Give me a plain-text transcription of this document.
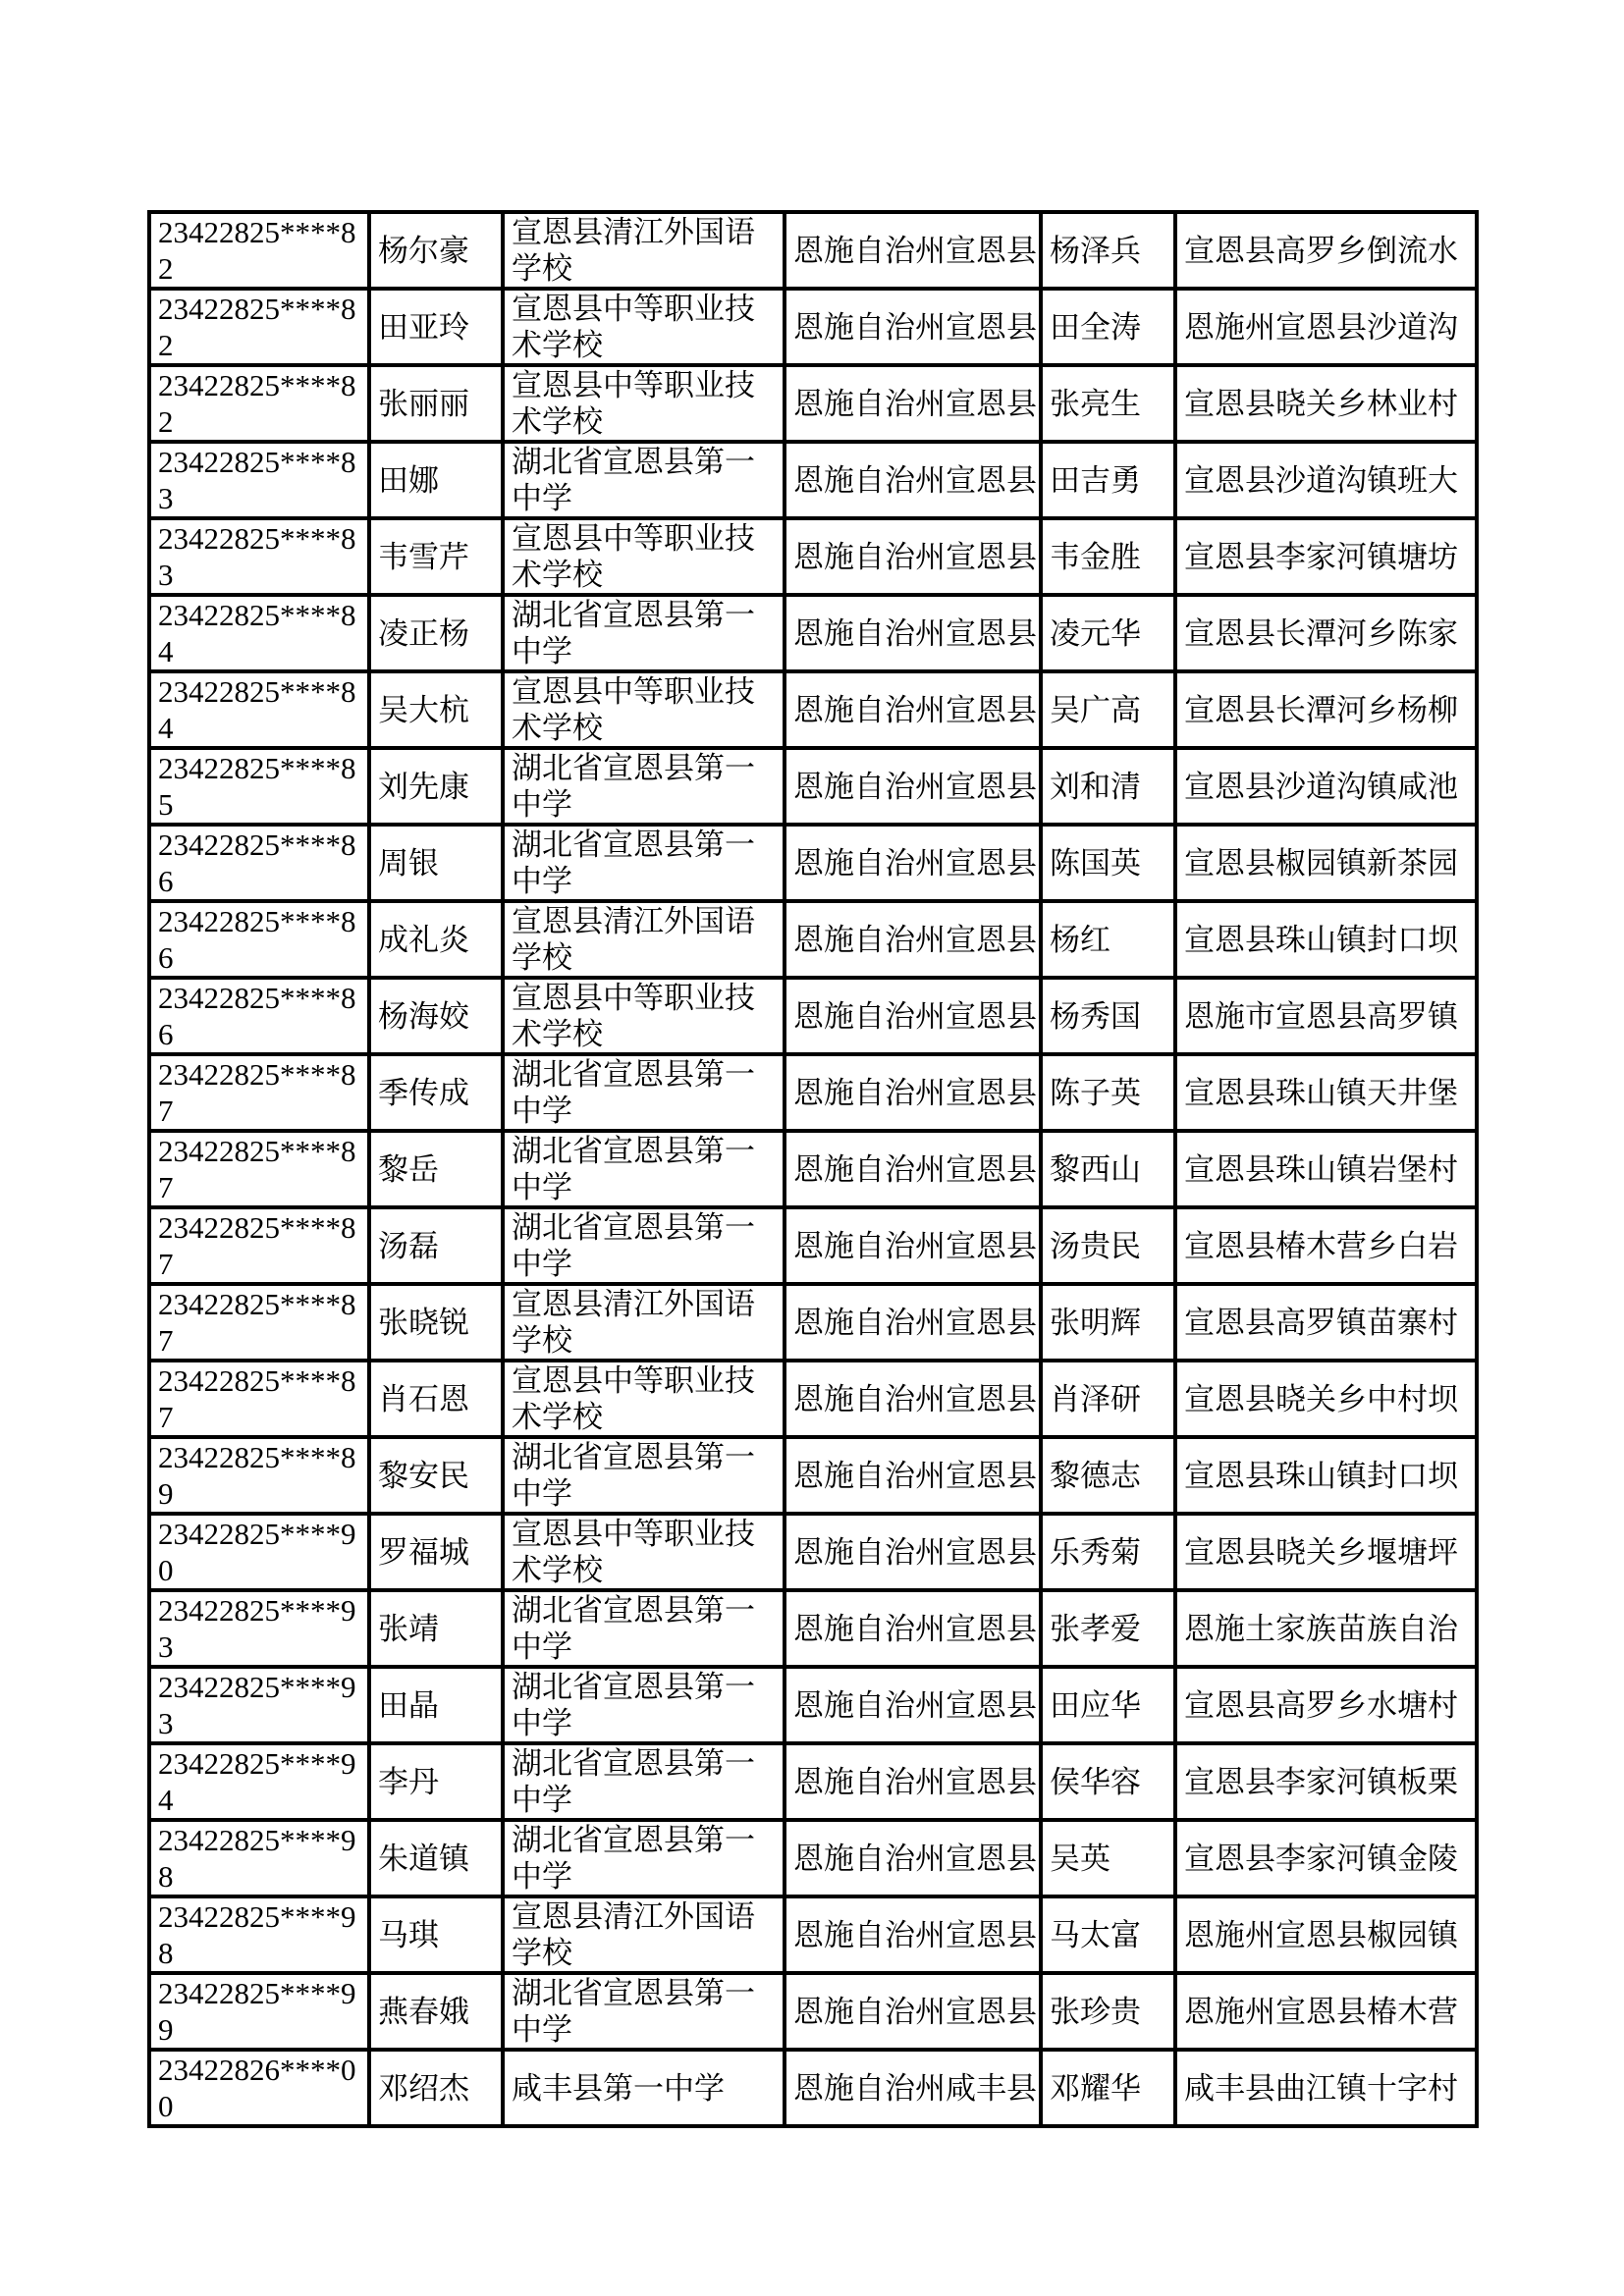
23422825****82	杨尔豪	宣恩县清江外国语学校	恩施自治州宣恩县	杨泽兵	宣恩县高罗乡倒流水
23422825****82	田亚玲	宣恩县中等职业技术学校	恩施自治州宣恩县	田全涛	恩施州宣恩县沙道沟
23422825****82	张丽丽	宣恩县中等职业技术学校	恩施自治州宣恩县	张亮生	宣恩县晓关乡林业村
23422825****83	田娜	湖北省宣恩县第一中学	恩施自治州宣恩县	田吉勇	宣恩县沙道沟镇班大
23422825****83	韦雪芹	宣恩县中等职业技术学校	恩施自治州宣恩县	韦金胜	宣恩县李家河镇塘坊
23422825****84	凌正杨	湖北省宣恩县第一中学	恩施自治州宣恩县	凌元华	宣恩县长潭河乡陈家
23422825****84	吴大杭	宣恩县中等职业技术学校	恩施自治州宣恩县	吴广高	宣恩县长潭河乡杨柳
23422825****85	刘先康	湖北省宣恩县第一中学	恩施自治州宣恩县	刘和清	宣恩县沙道沟镇咸池
23422825****86	周银	湖北省宣恩县第一中学	恩施自治州宣恩县	陈国英	宣恩县椒园镇新茶园
23422825****86	成礼炎	宣恩县清江外国语学校	恩施自治州宣恩县	杨红	宣恩县珠山镇封口坝
23422825****86	杨海姣	宣恩县中等职业技术学校	恩施自治州宣恩县	杨秀国	恩施市宣恩县高罗镇
23422825****87	季传成	湖北省宣恩县第一中学	恩施自治州宣恩县	陈子英	宣恩县珠山镇天井堡
23422825****87	黎岳	湖北省宣恩县第一中学	恩施自治州宣恩县	黎西山	宣恩县珠山镇岩堡村
23422825****87	汤磊	湖北省宣恩县第一中学	恩施自治州宣恩县	汤贵民	宣恩县椿木营乡白岩
23422825****87	张晓锐	宣恩县清江外国语学校	恩施自治州宣恩县	张明辉	宣恩县高罗镇苗寨村
23422825****87	肖石恩	宣恩县中等职业技术学校	恩施自治州宣恩县	肖泽研	宣恩县晓关乡中村坝
23422825****89	黎安民	湖北省宣恩县第一中学	恩施自治州宣恩县	黎德志	宣恩县珠山镇封口坝
23422825****90	罗福城	宣恩县中等职业技术学校	恩施自治州宣恩县	乐秀菊	宣恩县晓关乡堰塘坪
23422825****93	张靖	湖北省宣恩县第一中学	恩施自治州宣恩县	张孝爱	恩施土家族苗族自治
23422825****93	田晶	湖北省宣恩县第一中学	恩施自治州宣恩县	田应华	宣恩县高罗乡水塘村
23422825****94	李丹	湖北省宣恩县第一中学	恩施自治州宣恩县	侯华容	宣恩县李家河镇板栗
23422825****98	朱道镇	湖北省宣恩县第一中学	恩施自治州宣恩县	吴英	宣恩县李家河镇金陵
23422825****98	马琪	宣恩县清江外国语学校	恩施自治州宣恩县	马太富	恩施州宣恩县椒园镇
23422825****99	燕春娥	湖北省宣恩县第一中学	恩施自治州宣恩县	张珍贵	恩施州宣恩县椿木营
23422826****00	邓绍杰	咸丰县第一中学	恩施自治州咸丰县	邓耀华	咸丰县曲江镇十字村
